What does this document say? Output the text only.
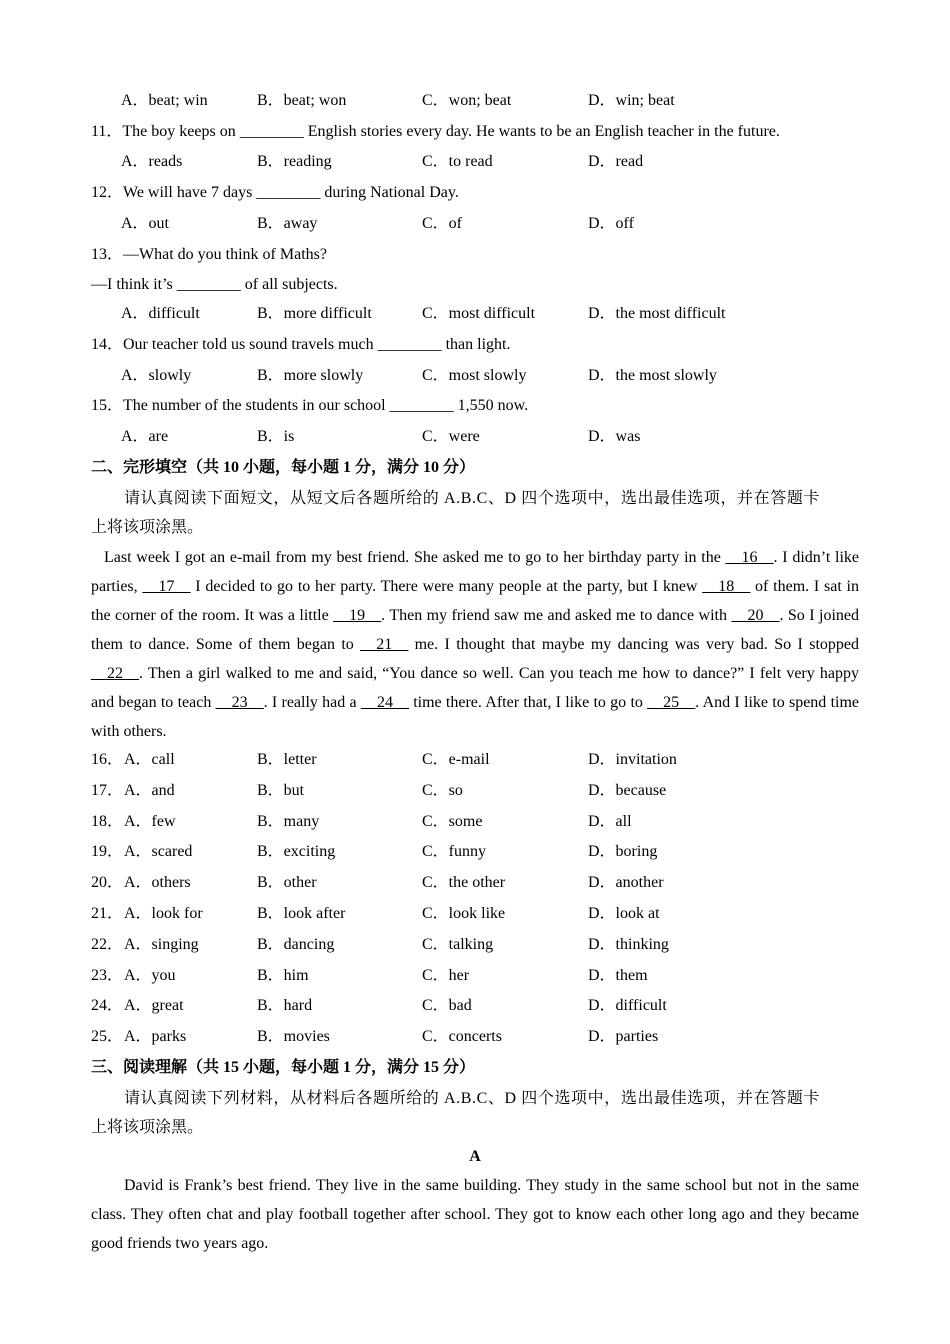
A．beat; win	B．beat; won	C．won; beat	D．win; beat
11．The boy keeps on ________ English stories every day. He wants to be an English teacher in the future.
A．reads	B．reading	C．to read	D．read
12．We will have 7 days ________ during National Day.
A．out	B．away	C．of	D．off
13．—What do you think of Maths?
—I think it’s ________ of all subjects.
A．difficult	B．more difficult	C．most difficult	D．the most difficult
14．Our teacher told us sound travels much ________ than light.
A．slowly	B．more slowly	C．most slowly	D．the most slowly
15．The number of the students in our school ________ 1,550 now.
A．are	B．is	C．were	D．was
二、完形填空（共 10 小题，每小题 1 分，满分 10 分）
请认真阅读下面短文，从短文后各题所给的 A.B.C、D 四个选项中，选出最佳选项，并在答题卡
上将该项涂黑。
Last week I got an e-mail from my best friend. She asked me to go to her birthday party in the __16__. I didn’t like parties, __17__ I decided to go to her party. There were many people at the party, but I knew __18__ of them. I sat in the corner of the room. It was a little __19__. Then my friend saw me and asked me to dance with __20__. So I joined them to dance. Some of them began to __21__ me. I thought that maybe my dancing was very bad. So I stopped __22__. Then a girl walked to me and said, “You dance so well. Can you teach me how to dance?” I felt very happy and began to teach __23__. I really had a __24__ time there. After that, I like to go to __25__. And I like to spend time with others.
16． A．call	B．letter	C．e-mail	D．invitation
17． A．and	B．but	C．so	D．because
18． A．few	B．many	C．some	D．all
19． A．scared	B．exciting	C．funny	D．boring
20． A．others	B．other	C．the other	D．another
21． A．look for	B．look after	C．look like	D．look at
22． A．singing	B．dancing	C．talking	D．thinking
23． A．you	B．him	C．her	D．them
24． A．great	B．hard	C．bad	D．difficult
25． A．parks	B．movies	C．concerts	D．parties
三、阅读理解（共 15 小题，每小题 1 分，满分 15 分）
请认真阅读下列材料，从材料后各题所给的 A.B.C、D 四个选项中，选出最佳选项，并在答题卡
上将该项涂黑。
A
David is Frank’s best friend. They live in the same building. They study in the same school but not in the same class. They often chat and play football together after school. They got to know each other long ago and they became good friends two years ago.
